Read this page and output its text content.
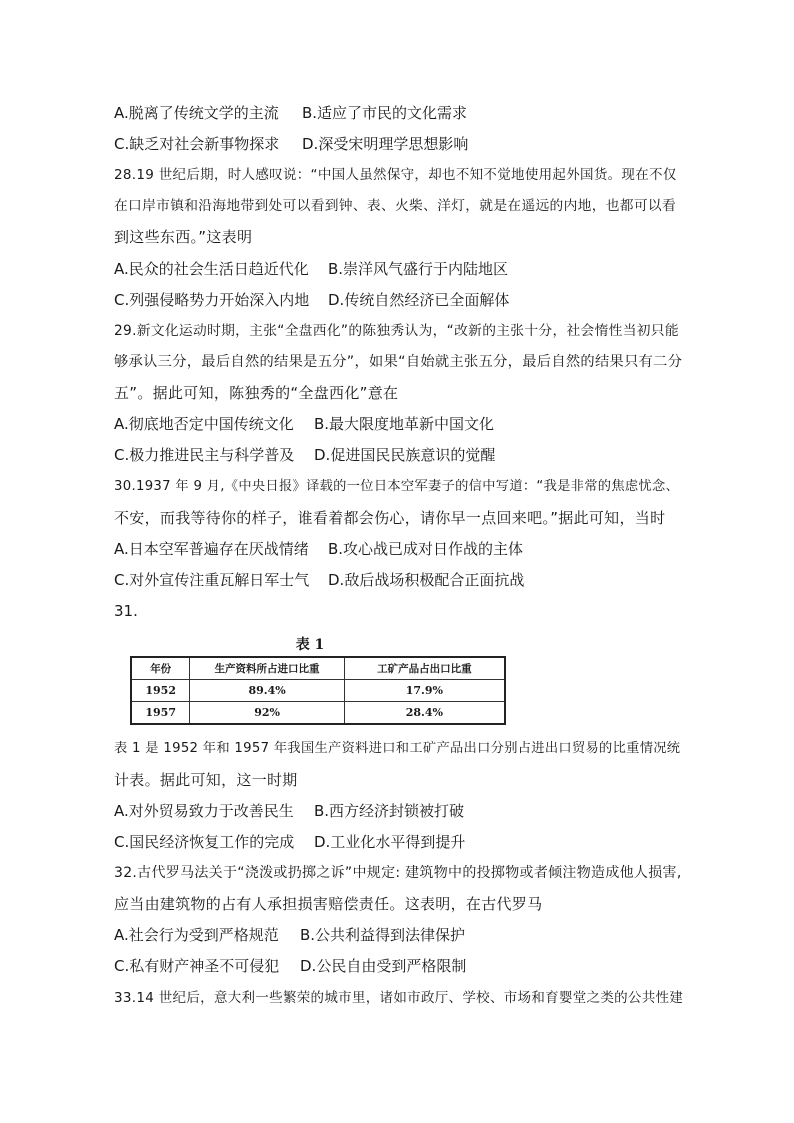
A.脱离了传统文学的主流 B.适应了市民的文化需求
C.缺乏对社会新事物探求 D.深受宋明理学思想影响
28.19 世纪后期，时人感叹说：“中国人虽然保守，却也不知不觉地使用起外国货。现在不仅
在口岸市镇和沿海地带到处可以看到钟、表、火柴、洋灯，就是在遥远的内地，也都可以看
到这些东西。”这表明
A.民众的社会生活日趋近代化 B.崇洋风气盛行于内陆地区
C.列强侵略势力开始深入内地 D.传统自然经济已全面解体
29.新文化运动时期，主张“全盘西化”的陈独秀认为，“改新的主张十分，社会惰性当初只能
够承认三分，最后自然的结果是五分”，如果“自始就主张五分，最后自然的结果只有二分
五”。据此可知，陈独秀的“全盘西化”意在
A.彻底地否定中国传统文化 B.最大限度地革新中国文化
C.极力推进民主与科学普及 D.促进国民民族意识的觉醒
30.1937 年 9 月,《中央日报》译载的一位日本空军妻子的信中写道：“我是非常的焦虑忧念、
不安，而我等待你的样子，谁看着都会伤心，请你早一点回来吧。”据此可知，当时
A.日本空军普遍存在厌战情绪 B.攻心战已成对日作战的主体
C.对外宣传注重瓦解日军士气 D.敌后战场积极配合正面抗战
31.
表 1
年份	生产资料所占进口比重	工矿产品占出口比重
1952	89.4%	17.9%
1957	92%	28.4%
表 1 是 1952 年和 1957 年我国生产资料进口和工矿产品出口分别占进出口贸易的比重情况统
计表。据此可知，这一时期
A.对外贸易致力于改善民生 B.西方经济封锁被打破
C.国民经济恢复工作的完成 D.工业化水平得到提升
32.古代罗马法关于“浇泼或扔掷之诉”中规定: 建筑物中的投掷物或者倾注物造成他人损害,
应当由建筑物的占有人承担损害赔偿责任。这表明，在古代罗马
A.社会行为受到严格规范 B.公共利益得到法律保护
C.私有财产神圣不可侵犯 D.公民自由受到严格限制
33.14 世纪后，意大利一些繁荣的城市里，诸如市政厅、学校、市场和育婴堂之类的公共性建
